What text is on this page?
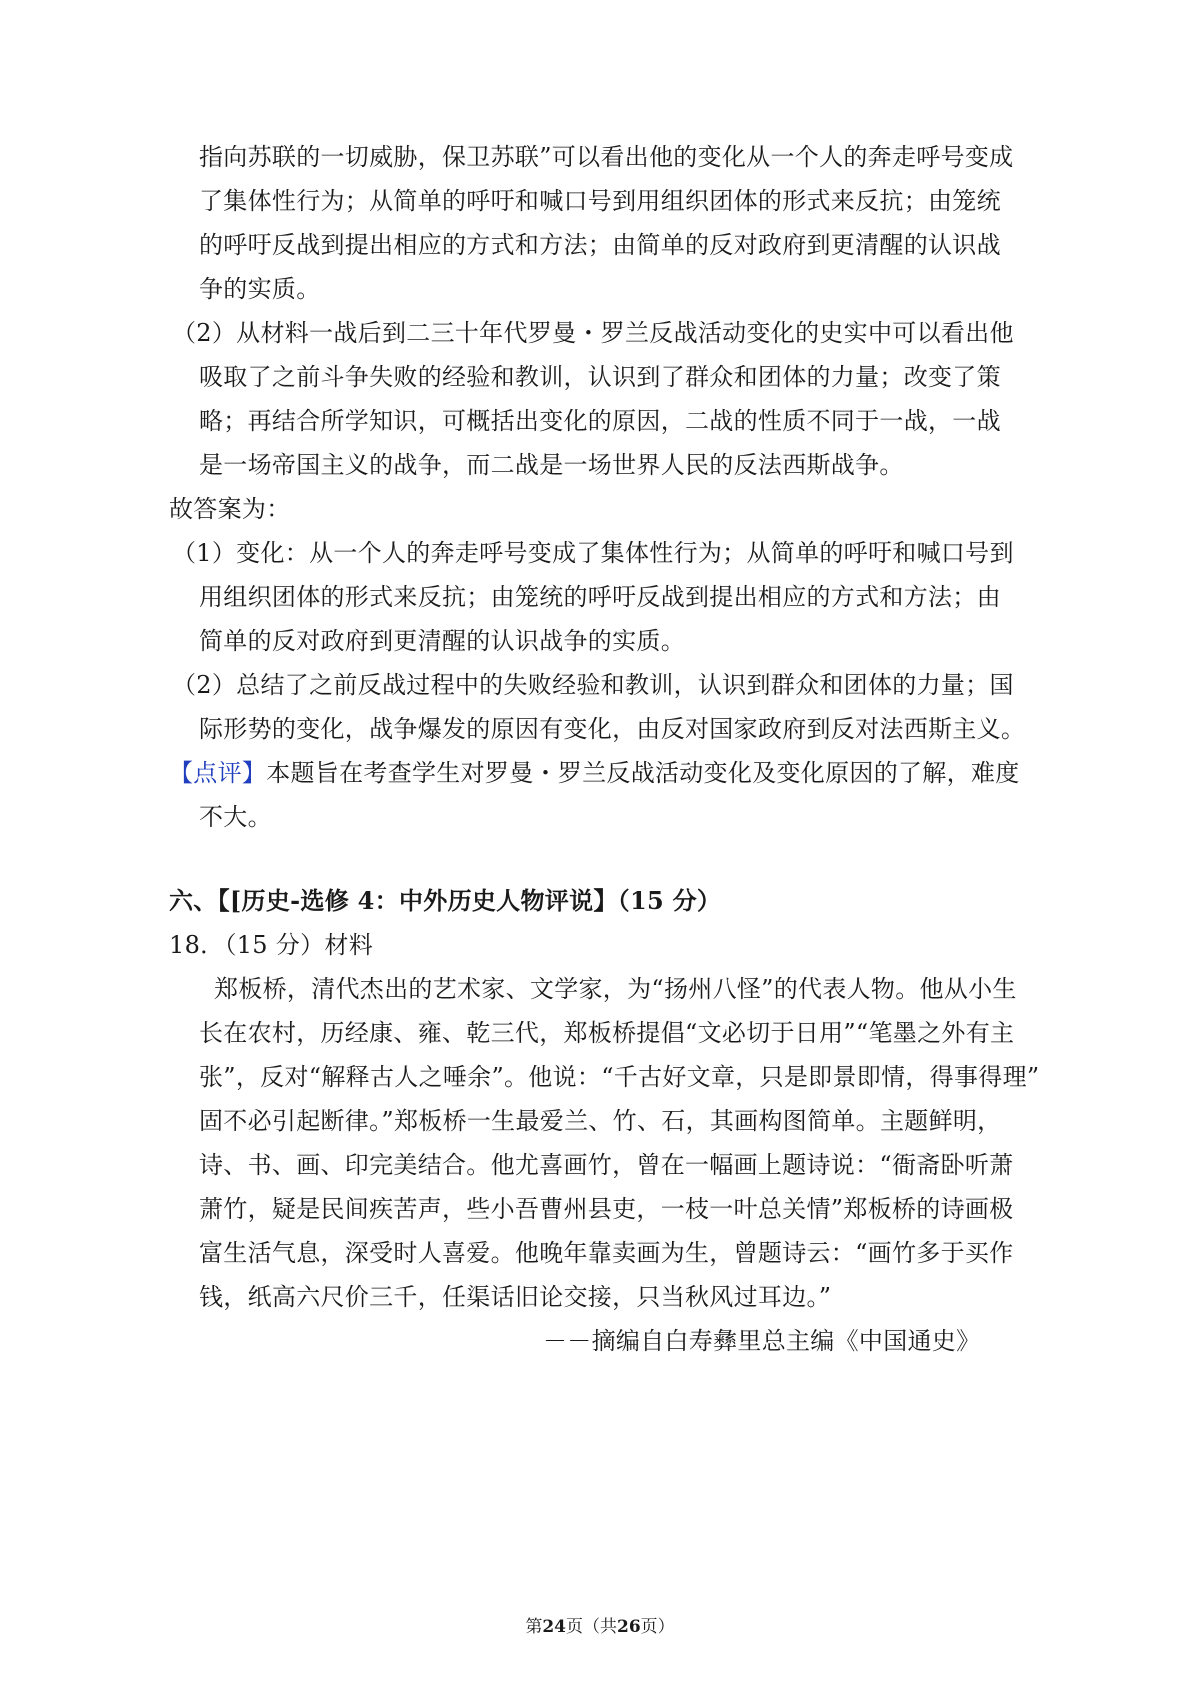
指向苏联的一切威胁，保卫苏联”可以看出他的变化从一个人的奔走呼号变成
了集体性行为；从简单的呼吁和喊口号到用组织团体的形式来反抗；由笼统
的呼吁反战到提出相应的方式和方法；由简单的反对政府到更清醒的认识战
争的实质。
（2）从材料一战后到二三十年代罗曼・罗兰反战活动变化的史实中可以看出他
吸取了之前斗争失败的经验和教训，认识到了群众和团体的力量；改变了策
略；再结合所学知识，可概括出变化的原因，二战的性质不同于一战，一战
是一场帝国主义的战争，而二战是一场世界人民的反法西斯战争。
故答案为：
（1）变化：从一个人的奔走呼号变成了集体性行为；从简单的呼吁和喊口号到
用组织团体的形式来反抗；由笼统的呼吁反战到提出相应的方式和方法；由
简单的反对政府到更清醒的认识战争的实质。
（2）总结了之前反战过程中的失败经验和教训，认识到群众和团体的力量；国
际形势的变化，战争爆发的原因有变化，由反对国家政府到反对法西斯主义。
【点评】本题旨在考查学生对罗曼・罗兰反战活动变化及变化原因的了解，难度
不大。
六、【[历史-选修 4：中外历史人物评说】（15 分）
18．（15 分）材料
郑板桥，清代杰出的艺术家、文学家，为“扬州八怪”的代表人物。他从小生
长在农村，历经康、雍、乾三代，郑板桥提倡“文必切于日用”“笔墨之外有主
张”，反对“解释古人之唾余”。他说：“千古好文章，只是即景即情，得事得理”
固不必引起断律。”郑板桥一生最爱兰、竹、石，其画构图简单。主题鲜明，
诗、书、画、印完美结合。他尤喜画竹，曾在一幅画上题诗说：“衙斋卧听萧
萧竹，疑是民间疾苦声，些小吾曹州县吏，一枝一叶总关情”郑板桥的诗画极
富生活气息，深受时人喜爱。他晚年靠卖画为生，曾题诗云：“画竹多于买作
钱，纸高六尺价三千，任渠话旧论交接，只当秋风过耳边。”
－－摘编自白寿彝里总主编《中国通史》
第24页（共26页）
